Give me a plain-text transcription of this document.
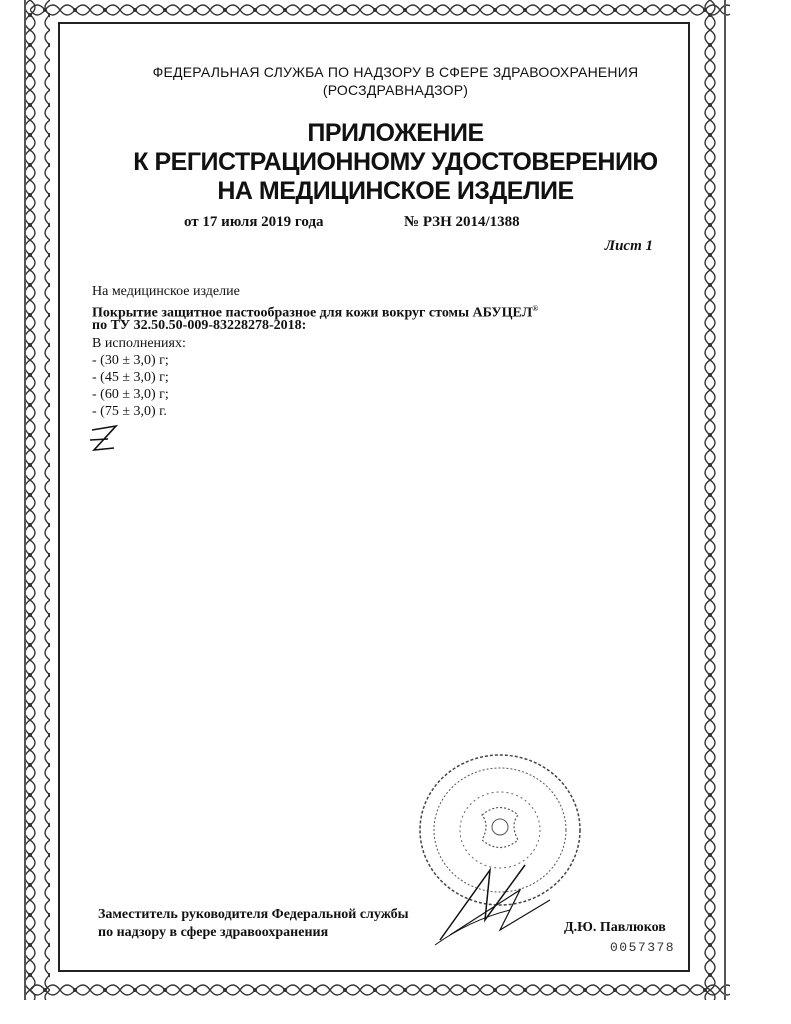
ФЕДЕРАЛЬНАЯ СЛУЖБА ПО НАДЗОРУ В СФЕРЕ ЗДРАВООХРАНЕНИЯ
(РОСЗДРАВНАДЗОР)
ПРИЛОЖЕНИЕ
К РЕГИСТРАЦИОННОМУ УДОСТОВЕРЕНИЮ
НА МЕДИЦИНСКОЕ ИЗДЕЛИЕ
от 17 июля 2019 года	№ РЗН 2014/1388
Лист 1
На медицинское изделие
Покрытие защитное пастообразное для кожи вокруг стомы АБУЦЕЛ®
по ТУ 32.50.50-009-83228278-2018:
В исполнениях:
- (30 ± 3,0) г;
- (45 ± 3,0) г;
- (60 ± 3,0) г;
- (75 ± 3,0) г.
Заместитель руководителя Федеральной службы
по надзору в сфере здравоохранения	Д.Ю. Павлюков
0057378
